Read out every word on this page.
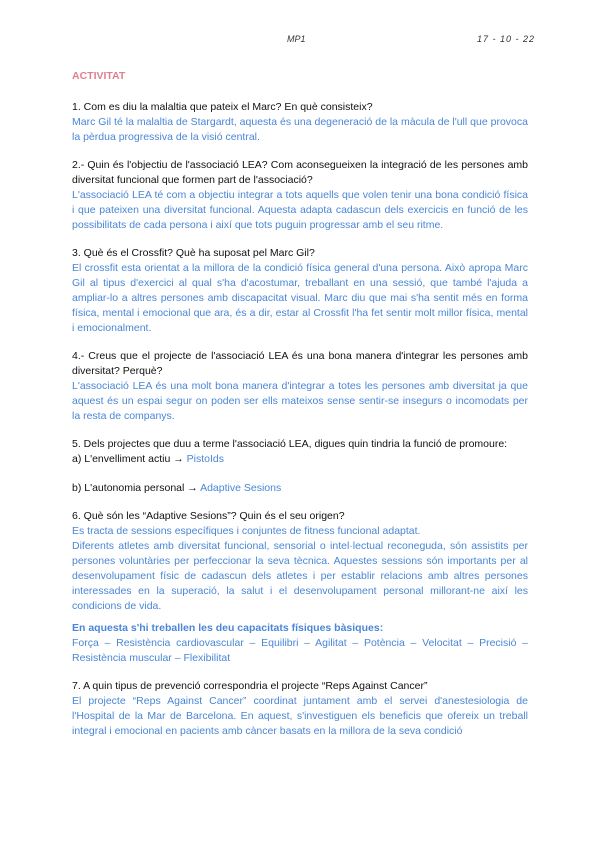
MP1	17 - 10 - 22

ACTIVITAT

1. Com es diu la malaltia que pateix el Marc? En què consisteix?

Marc Gil té la malaltia de Stargardt, aquesta és una degeneració de la màcula de l'ull que provoca la pèrdua progressiva de la visió central.

2.- Quin és l'objectiu de l'associació LEA? Com aconsegueixen la integració de les persones amb diversitat funcional que formen part de l'associació?

L'associació LEA té com a objectiu integrar a tots aquells que volen tenir una bona condició física i que pateixen una diversitat funcional. Aquesta adapta cadascun dels exercicis en funció de les possibilitats de cada persona i així que tots puguin progressar amb el seu ritme.

3. Què és el Crossfit? Què ha suposat pel Marc Gil?

El crossfit esta orientat a la millora de la condició física general d'una persona. Això apropa Marc Gil al tipus d'exercici al qual s'ha d'acostumar, treballant en una sessió, que també l'ajuda a ampliar-lo a altres persones amb discapacitat visual. Marc diu que mai s'ha sentit més en forma física, mental i emocional que ara, és a dir, estar al Crossfit l'ha fet sentir molt millor física, mental i emocionalment.

4.- Creus que el projecte de l'associació LEA és una bona manera d'integrar les persones amb diversitat? Perquè?

L'associació LEA és una molt bona manera d'integrar a totes les persones amb diversitat ja que aquest és un espai segur on poden ser ells mateixos sense sentir-se insegurs o incomodats per la resta de companys.

5. Dels projectes que duu a terme l'associació LEA, digues quin tindria la funció de promoure:

a) L'envelliment actiu → PistoIds
b) L'autonomia personal → Adaptive Sesions

6. Què són les “Adaptive Sesions”? Quin és el seu origen?

Es tracta de sessions específiques i conjuntes de fitness funcional adaptat.

Diferents atletes amb diversitat funcional, sensorial o intel·lectual reconeguda, són assistits per persones voluntàries per perfeccionar la seva tècnica. Aquestes sessions són importants per al desenvolupament físic de cadascun dels atletes i per establir relacions amb altres persones interessades en la superació, la salut i el desenvolupament personal millorant-ne així les condicions de vida.

En aquesta s'hi treballen les deu capacitats físiques bàsiques:

Força – Resistència cardiovascular – Equilibri – Agilitat – Potència – Velocitat – Precisió – Resistència muscular – Flexibilitat

7. A quin tipus de prevenció correspondria el projecte “Reps Against Cancer”

El projecte “Reps Against Cancer” coordinat juntament amb el servei d'anestesiologia de l'Hospital de la Mar de Barcelona. En aquest, s'investiguen els beneficis que ofereix un treball integral i emocional en pacients amb càncer basats en la millora de la seva condició
